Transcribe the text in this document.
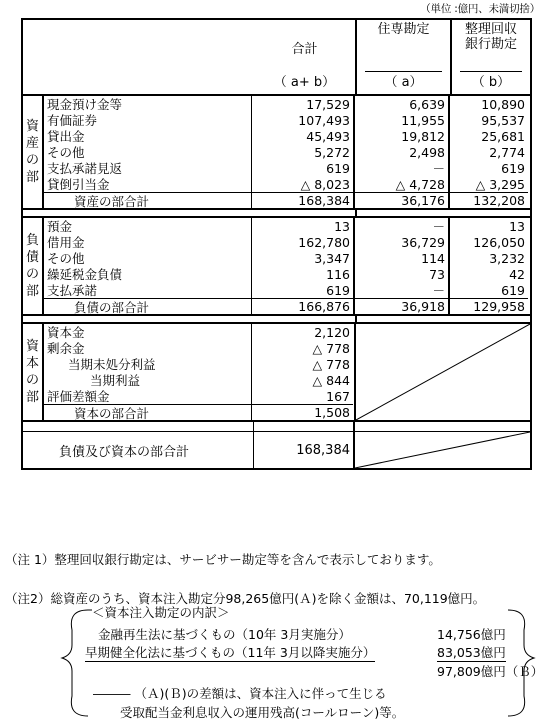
（単位 :億円、未満切捨）
合計
（ a+ b）
住専勘定
（ a）
整理回収
銀行勘定
（ b）
資
産
の
部
現金預け金等	17,529	6,639	10,890
有価証券	107,493	11,955	95,537
貸出金	45,493	19,812	25,681
その他	5,272	2,498	2,774
支払承諾見返	619	－	619
貸倒引当金	△ 8,023	△ 4,728	△ 3,295
資産の部合計	168,384	36,176	132,208
負
債
の
部
預金	13	－	13
借用金	162,780	36,729	126,050
その他	3,347	114	3,232
繰延税金負債	116	73	42
支払承諾	619	－	619
負債の部合計	166,876	36,918	129,958
資
本
の
部
資本金	2,120
剰余金	△ 778
当期未処分利益	△ 778
当期利益	△ 844
評価差額金	167
資本の部合計	1,508
負債及び資本の部合計	168,384
（注 1）整理回収銀行勘定は、サービサー勘定等を含んで表示しております。
（注2）総資産のうち、資本注入勘定分98,265億円(Ａ)を除く金額は、70,119億円。
＜資本注入勘定の内訳＞
金融再生法に基づくもの（10年 3月実施分）	14,756億円
早期健全化法に基づくもの（11年 3月以降実施分）	83,053億円
97,809億円（Ｂ）
――― （Ａ)(Ｂ)の差額は、資本注入に伴って生じる
受取配当金利息収入の運用残高(コールローン)等。
